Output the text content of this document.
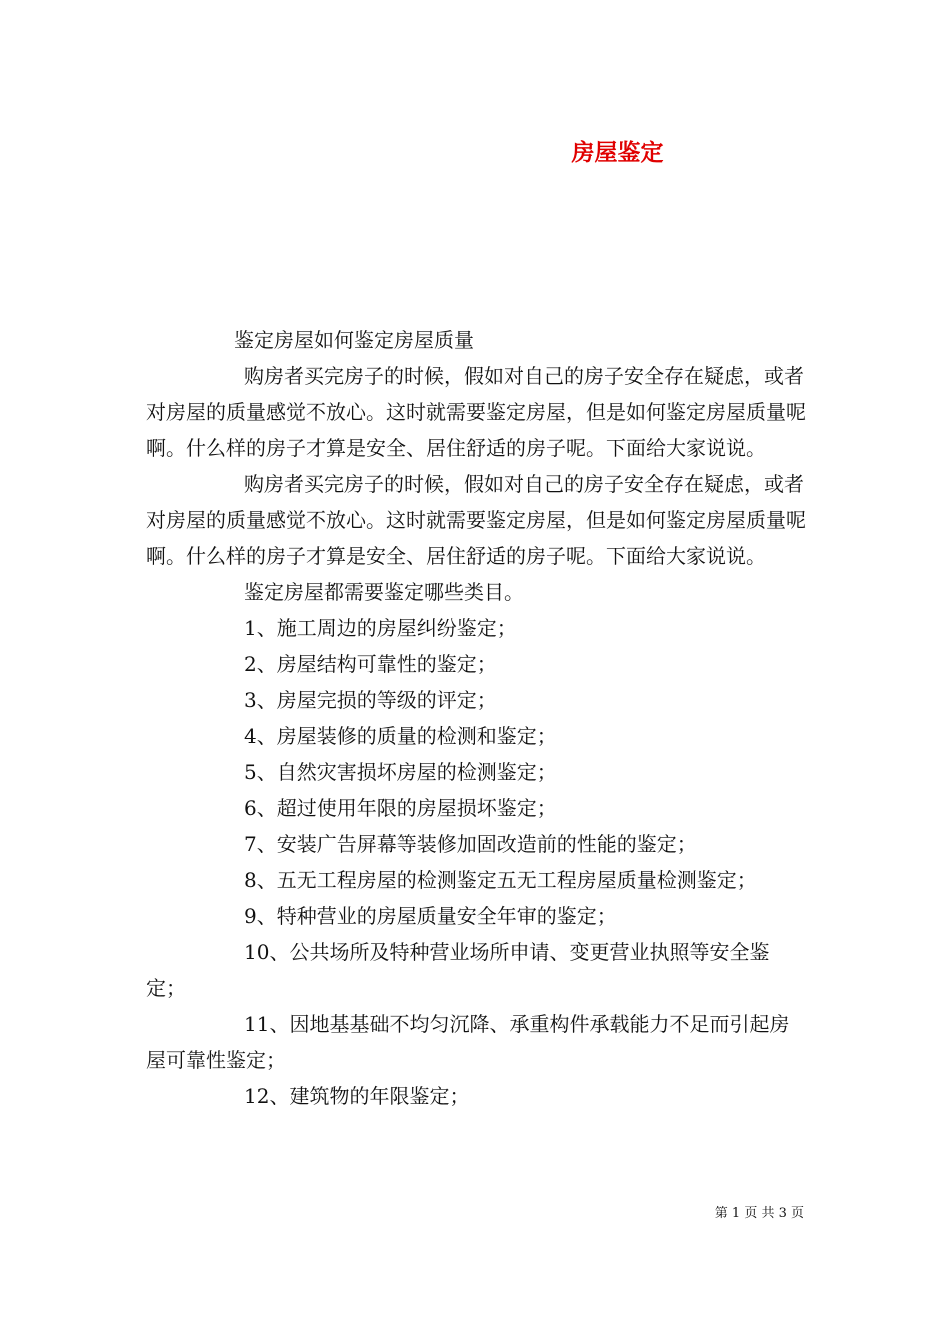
房屋鉴定

鉴定房屋如何鉴定房屋质量

购房者买完房子的时候，假如对自己的房子安全存在疑虑，或者对房屋的质量感觉不放心。这时就需要鉴定房屋，但是如何鉴定房屋质量呢啊。什么样的房子才算是安全、居住舒适的房子呢。下面给大家说说。

购房者买完房子的时候，假如对自己的房子安全存在疑虑，或者对房屋的质量感觉不放心。这时就需要鉴定房屋，但是如何鉴定房屋质量呢啊。什么样的房子才算是安全、居住舒适的房子呢。下面给大家说说。

鉴定房屋都需要鉴定哪些类目。

1、施工周边的房屋纠纷鉴定；

2、房屋结构可靠性的鉴定；

3、房屋完损的等级的评定；

4、房屋装修的质量的检测和鉴定；

5、自然灾害损坏房屋的检测鉴定；

6、超过使用年限的房屋损坏鉴定；

7、安装广告屏幕等装修加固改造前的性能的鉴定；

8、五无工程房屋的检测鉴定五无工程房屋质量检测鉴定；

9、特种营业的房屋质量安全年审的鉴定；

10、公共场所及特种营业场所申请、变更营业执照等安全鉴定；

11、因地基基础不均匀沉降、承重构件承载能力不足而引起房屋可靠性鉴定；

12、建筑物的年限鉴定；

第 1 页 共 3 页
